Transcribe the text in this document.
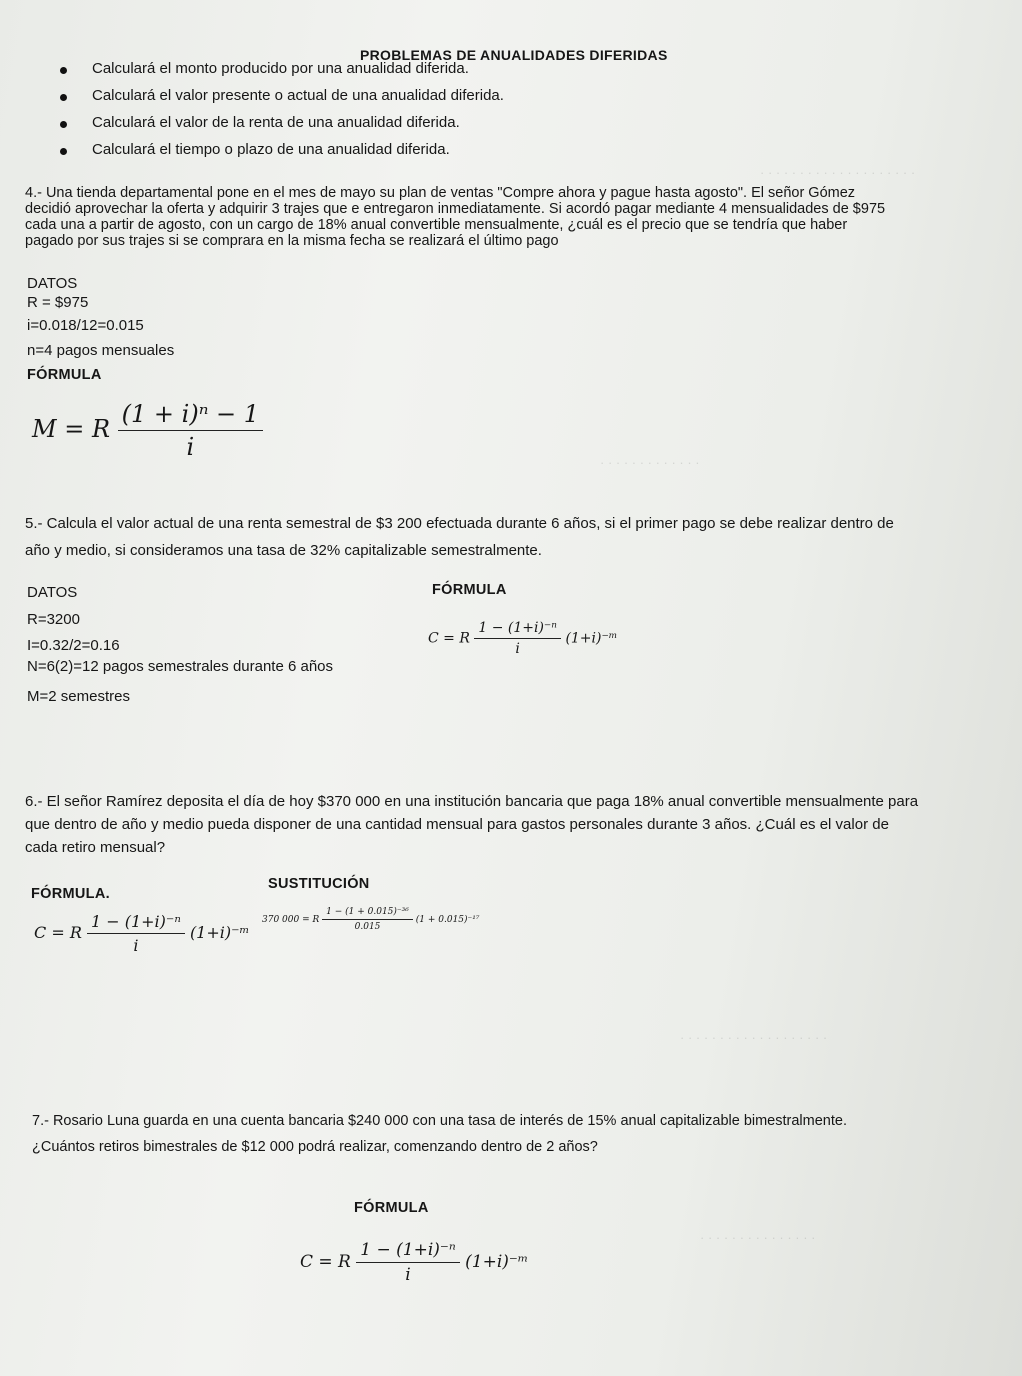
· · · · · · · · · · · · · · · · · · · ·
· · · · · · · · · · · · ·
· · · · · · · · · · · · · · · · · · ·
· · · · · · · · · · · · · · ·
PROBLEMAS DE ANUALIDADES DIFERIDAS
Calculará el monto producido por una anualidad diferida.
Calculará el valor presente o actual de una anualidad diferida.
Calculará el valor de la renta de una anualidad diferida.
Calculará el tiempo o plazo de una anualidad diferida.
4.- Una tienda departamental pone en el mes de mayo su plan de ventas "Compre ahora y pague hasta agosto". El señor Gómez
decidió aprovechar la oferta y adquirir 3 trajes que e entregaron inmediatamente. Si acordó pagar mediante 4 mensualidades de $975
cada una a partir de agosto, con un cargo de 18% anual convertible mensualmente, ¿cuál es el precio que se tendría que haber
pagado por sus trajes si se comprara en la misma fecha se realizará el último pago
DATOS
R = $975
i=0.018/12=0.015
n=4 pagos mensuales
FÓRMULA
M = R $\frac{\text{(1 + i)ⁿ − 1}}{i}$
5.- Calcula el valor actual de una renta semestral de $3 200 efectuada durante 6 años, si el primer pago se debe realizar dentro de
año y medio, si consideramos una tasa de 32% capitalizable semestralmente.
DATOS	FÓRMULA
R=3200
I=0.32/2=0.16
N=6(2)=12 pagos semestrales durante 6 años
M=2 semestres
C = R $\frac{\text{1 − (1+i)⁻ⁿ}}{i}$ (1+i)⁻ᵐ
6.- El señor Ramírez deposita el día de hoy $370 000 en una institución bancaria que paga 18% anual convertible mensualmente para
que dentro de año y medio pueda disponer de una cantidad mensual para gastos personales durante 3 años. ¿Cuál es el valor de
cada retiro mensual?
FÓRMULA.
SUSTITUCIÓN
C = R $\frac{\text{1 − (1+i)⁻ⁿ}}{i}$ (1+i)⁻ᵐ
370 000 = R $\frac{\text{1 − (1 + 0.015)⁻³⁶}}{0.015} (1 + 0.015)^{-17}$
7.- Rosario Luna guarda en una cuenta bancaria $240 000 con una tasa de interés de 15% anual capitalizable bimestralmente.
¿Cuántos retiros bimestrales de $12 000 podrá realizar, comenzando dentro de 2 años?
FÓRMULA
C = R $\frac{\text{1 − (1+i)⁻ⁿ}}{i}$ (1+i)⁻ᵐ
